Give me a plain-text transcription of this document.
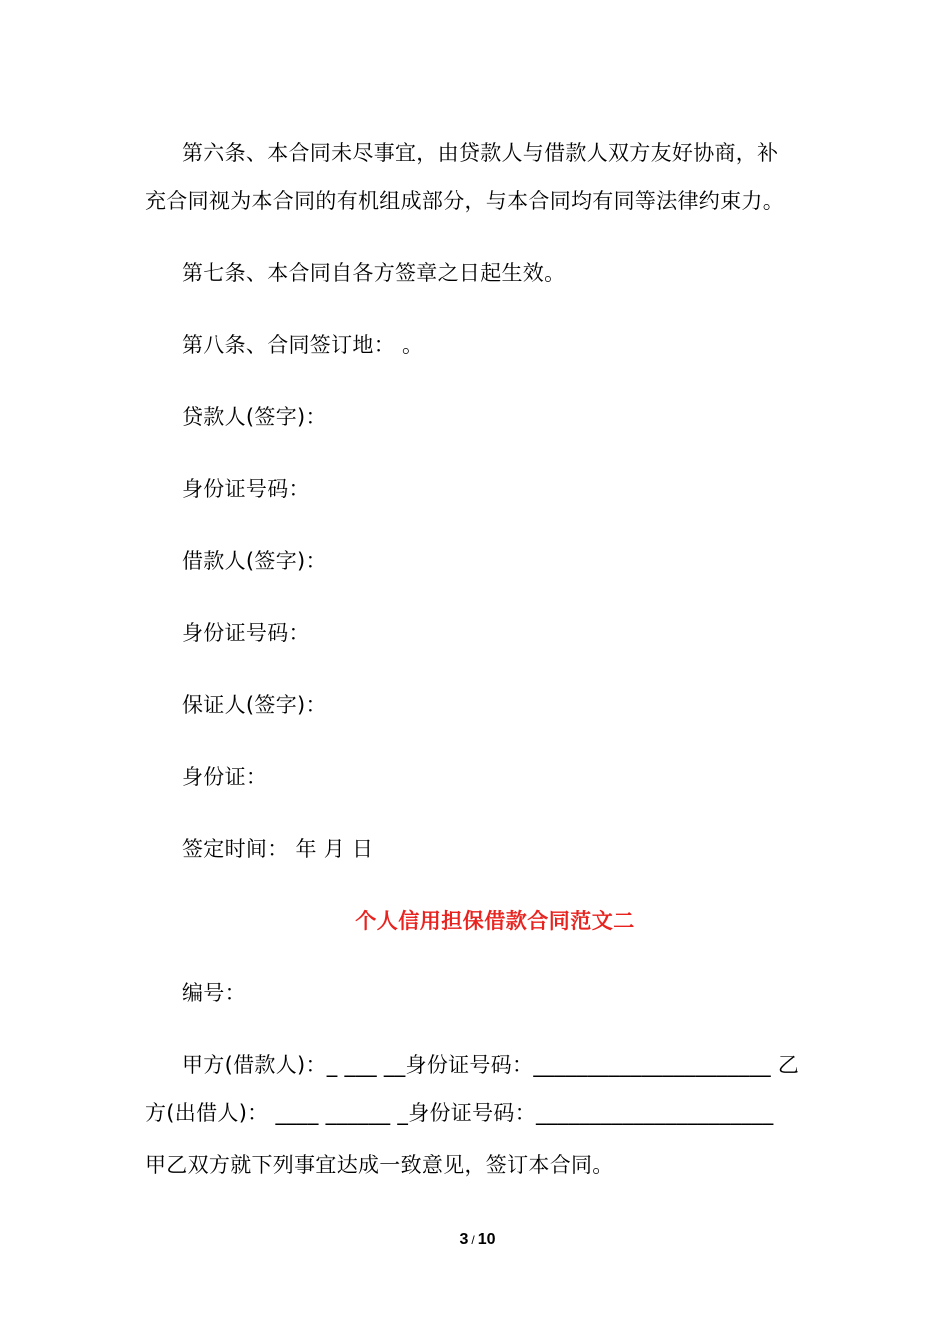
第六条、本合同未尽事宜，由贷款人与借款人双方友好协商，补
充合同视为本合同的有机组成部分，与本合同均有同等法律约束力。
第七条、本合同自各方签章之日起生效。
第八条、合同签订地： 。
贷款人(签字)：
身份证号码：
借款人(签字)：
身份证号码：
保证人(签字)：
身份证：
签定时间： 年 月 日
个人信用担保借款合同范文二
编号：
甲方(借款人)：_ ___ __身份证号码：______________________ 乙
方(出借人)： ____ ______ _身份证号码：______________________
甲乙双方就下列事宜达成一致意见，签订本合同。
3 / 10
